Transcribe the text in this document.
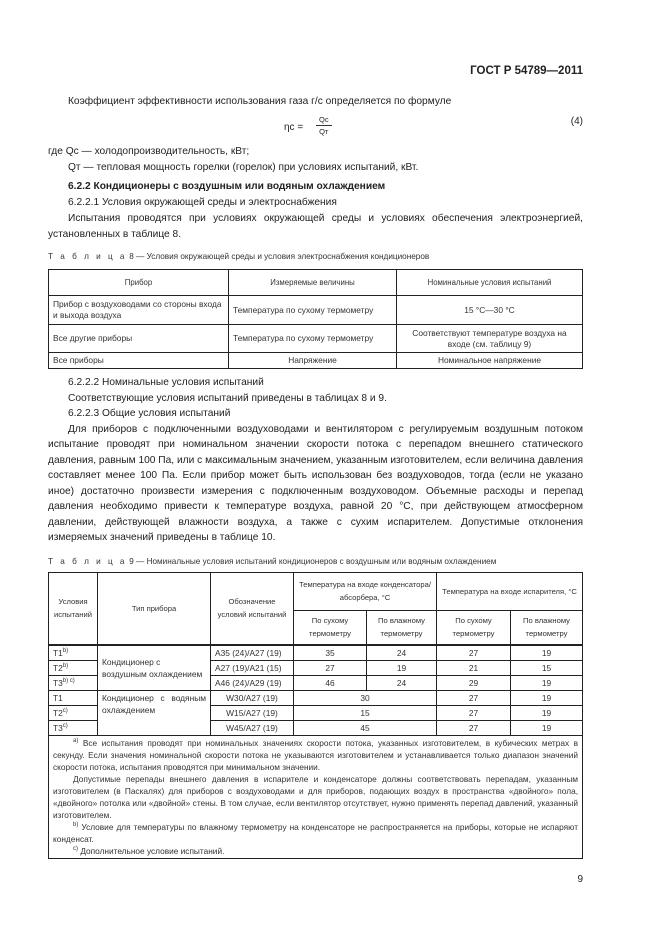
ГОСТ Р 54789—2011
Коэффициент эффективности использования газа г/с определяется по формуле
ηс =
Qс
Qт
(4)
где Qс — холодопроизводительность, кВт;
Qт — тепловая мощность горелки (горелок) при условиях испытаний, кВт.
6.2.2 Кондиционеры с воздушным или водяным охлаждением
6.2.2.1 Условия окружающей среды и электроснабжения
Испытания проводятся при условиях окружающей среды и условиях обеспечения электроэнергией, установленных в таблице 8.
Т а б л и ц а 8 — Условия окружающей среды и условия электроснабжения кондиционеров
Прибор	Измеряемые величины	Номинальные условия испытаний
Прибор с воздуховодами со стороны входа и выхода воздуха	Температура по сухому термометру	15 °С—30 °С
Все другие приборы	Температура по сухому термометру	Соответствуют температуре воздуха на входе (см. таблицу 9)
Все приборы	Напряжение	Номинальное напряжение
6.2.2.2 Номинальные условия испытаний
Соответствующие условия испытаний приведены в таблицах 8 и 9.
6.2.2.3 Общие условия испытаний
Для приборов с подключенными воздуховодами и вентилятором с регулируемым воздушным потоком испытание проводят при номинальном значении скорости потока с перепадом внешнего статического давления, равным 100 Па, или с максимальным значением, указанным изготовителем, если величина давления составляет менее 100 Па. Если прибор может быть использован без воздуховодов, тогда (если не указано иное) достаточно произвести измерения с подключенным воздуховодом. Объемные расходы и перепад давления необходимо привести к температуре воздуха, равной 20 °С, при действующем атмосферном давлении, действующей влажности воздуха, а также с сухим испарителем. Допустимые отклонения измеряемых значений приведены в таблице 10.
Т а б л и ц а 9 — Номинальные условия испытаний кондиционеров с воздушным или водяным охлаждением
Условия испытаний	Тип прибора	Обозначение условий испытаний	Температура на входе конденсатора/абсорбера, °С		Температура на входе испарителя, °С	
			По сухому термометру	По влажному термометру	По сухому термометру	По влажному термометру
T1$^{b)}$	Кондиционер с воздушным охлаждением	A35 (24)/A27 (19)	35	24	27	19
T2$^{b)}$		A27 (19)/A21 (15)	27	19	21	15
$T3^{b) c)}$		A46 (24)/A29 (19)	46	24	29	19
T1	Кондиционер с водяным охлаждением	W30/A27 (19)	30		27	19
T2$^{c)}$		W15/A27 (19)	15		27	19
T3$^{c)}$		W45/A27 (19)	45		27	19

$^{a)}$ Все испытания проводят при номинальных значениях скорости потока, указанных изготовителем, в кубических метрах в секунду. Если значения номинальной скорости потока не указываются изготовителем и устанавливается только диапазон значений скорости потока, испытания проводятся при минимальном значении.

Допустимые перепады внешнего давления в испарителе и конденсаторе должны соответствовать перепадам, указанным изготовителем (в Паскалях) для приборов с воздуховодами и для приборов, подающих воздух в пространства «двойного» пола, «двойного» потолка или «двойной» стены. В том случае, если вентилятор отсутствует, нужно применять перепад давлений, указанный изготовителем.

$^{b)}$ Условие для температуры по влажному термометру на конденсаторе не распространяется на приборы, которые не испаряют конденсат.

$^{c)}$ Дополнительное условие испытаний.						

9
